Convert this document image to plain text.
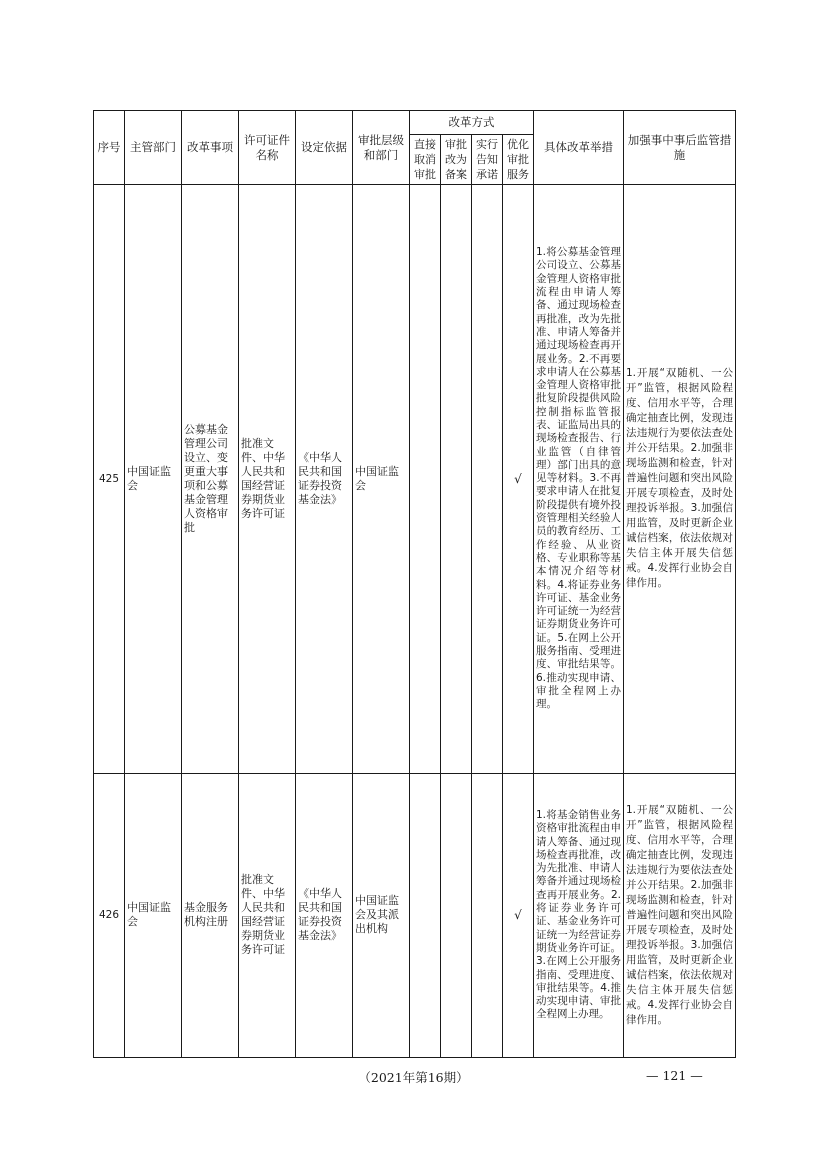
序号	主管部门	改革事项	许可证件名称	设定依据	审批层级和部门	改革方式				具体改革举措	加强事中事后监管措施
						直接取消审批	审批改为备案	实行告知承诺	优化审批服务		
425	中国证监会	公募基金管理公司设立、变更重大事项和公募基金管理人资格审批	批准文件、中华人民共和国经营证券期货业务许可证	《中华人民共和国证券投资基金法》	中国证监会				√	1.将公募基金管理公司设立、公募基金管理人资格审批流程由申请人筹备、通过现场检查再批准，改为先批准、申请人筹备并通过现场检查再开展业务。2.不再要求申请人在公募基金管理人资格审批批复阶段提供风险控制指标监管报表、证监局出具的现场检查报告、行业监管（自律管理）部门出具的意见等材料。3.不再要求申请人在批复阶段提供有境外投资管理相关经验人员的教育经历、工作经验、从业资格、专业职称等基本情况介绍等材料。4.将证券业务许可证、基金业务许可证统一为经营证券期货业务许可证。5.在网上公开服务指南、受理进度、审批结果等。6.推动实现申请、审批全程网上办理。	1.开展“双随机、一公开”监管，根据风险程度、信用水平等，合理确定抽查比例，发现违法违规行为要依法查处并公开结果。2.加强非现场监测和检查，针对普遍性问题和突出风险开展专项检查，及时处理投诉举报。3.加强信用监管，及时更新企业诚信档案，依法依规对失信主体开展失信惩戒。4.发挥行业协会自律作用。
426	中国证监会	基金服务机构注册	批准文件、中华人民共和国经营证券期货业务许可证	《中华人民共和国证券投资基金法》	中国证监会及其派出机构				√	1.将基金销售业务资格审批流程由申请人筹备、通过现场检查再批准，改为先批准、申请人筹备并通过现场检查再开展业务。2.将证券业务许可证、基金业务许可证统一为经营证券期货业务许可证。3.在网上公开服务指南、受理进度、审批结果等。4.推动实现申请、审批全程网上办理。	1.开展“双随机、一公开”监管，根据风险程度、信用水平等，合理确定抽查比例，发现违法违规行为要依法查处并公开结果。2.加强非现场监测和检查，针对普遍性问题和突出风险开展专项检查，及时处理投诉举报。3.加强信用监管，及时更新企业诚信档案，依法依规对失信主体开展失信惩戒。4.发挥行业协会自律作用。
（2021年第16期）	— 121 —
